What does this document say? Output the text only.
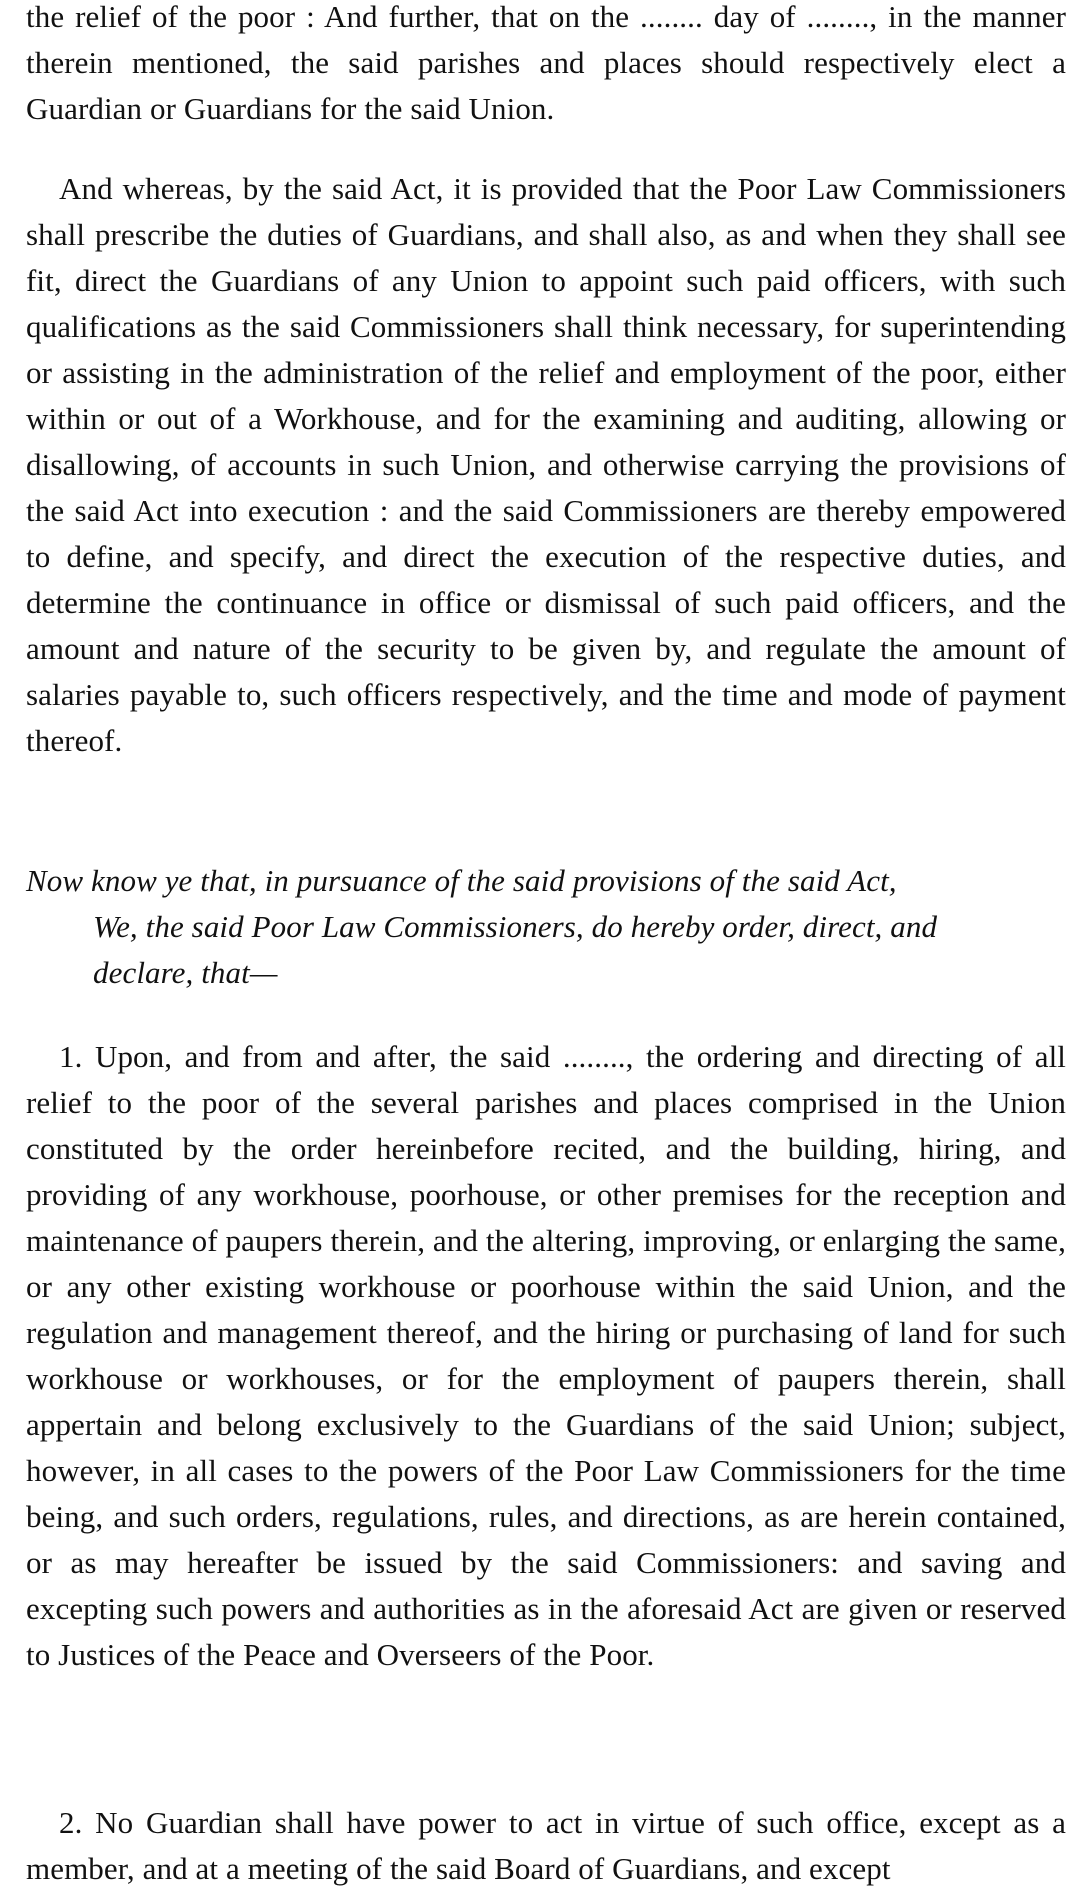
the relief of the poor : And further, that on the ........ day of ........, in the manner therein mentioned, the said parishes and places should respectively elect a Guardian or Guardians for the said Union.

And whereas, by the said Act, it is provided that the Poor Law Commissioners shall prescribe the duties of Guardians, and shall also, as and when they shall see fit, direct the Guardians of any Union to appoint such paid officers, with such qualifications as the said Commissioners shall think necessary, for superintending or assisting in the administration of the relief and employment of the poor, either within or out of a Workhouse, and for the examining and auditing, allowing or disallowing, of accounts in such Union, and otherwise carrying the provisions of the said Act into execution : and the said Commissioners are thereby empowered to define, and specify, and direct the execution of the respective duties, and determine the continuance in office or dismissal of such paid officers, and the amount and nature of the security to be given by, and regulate the amount of salaries payable to, such officers respectively, and the time and mode of payment thereof.

Now know ye that, in pursuance of the said provisions of the said Act,
We, the said Poor Law Commissioners, do hereby order, direct, and
declare, that—

1. Upon, and from and after, the said ........, the ordering and directing of all relief to the poor of the several parishes and places comprised in the Union constituted by the order hereinbefore recited, and the building, hiring, and providing of any workhouse, poorhouse, or other premises for the reception and maintenance of paupers therein, and the altering, improving, or enlarging the same, or any other existing workhouse or poorhouse within the said Union, and the regulation and management thereof, and the hiring or purchasing of land for such workhouse or workhouses, or for the employment of paupers therein, shall appertain and belong exclusively to the Guardians of the said Union; subject, however, in all cases to the powers of the Poor Law Commissioners for the time being, and such orders, regulations, rules, and directions, as are herein contained, or as may hereafter be issued by the said Commissioners: and saving and excepting such powers and authorities as in the aforesaid Act are given or reserved to Justices of the Peace and Overseers of the Poor.

2. No Guardian shall have power to act in virtue of such office, except as a member, and at a meeting of the said Board of Guardians, and except
